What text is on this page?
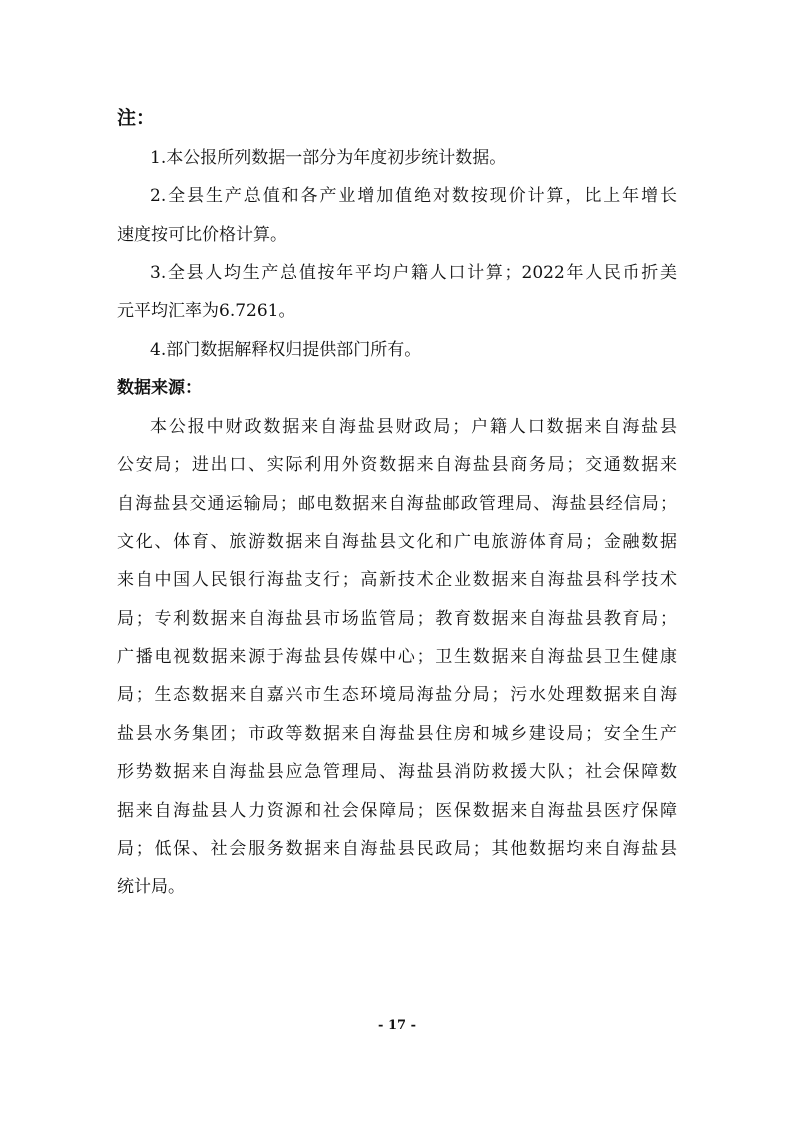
注：
1.本公报所列数据一部分为年度初步统计数据。
2.全县生产总值和各产业增加值绝对数按现价计算，比上年增长
速度按可比价格计算。
3.全县人均生产总值按年平均户籍人口计算；2022年人民币折美
元平均汇率为6.7261。
4.部门数据解释权归提供部门所有。
数据来源：
本公报中财政数据来自海盐县财政局；户籍人口数据来自海盐县
公安局；进出口、实际利用外资数据来自海盐县商务局；交通数据来
自海盐县交通运输局；邮电数据来自海盐邮政管理局、海盐县经信局；
文化、体育、旅游数据来自海盐县文化和广电旅游体育局；金融数据
来自中国人民银行海盐支行；高新技术企业数据来自海盐县科学技术
局；专利数据来自海盐县市场监管局；教育数据来自海盐县教育局；
广播电视数据来源于海盐县传媒中心；卫生数据来自海盐县卫生健康
局；生态数据来自嘉兴市生态环境局海盐分局；污水处理数据来自海
盐县水务集团；市政等数据来自海盐县住房和城乡建设局；安全生产
形势数据来自海盐县应急管理局、海盐县消防救援大队；社会保障数
据来自海盐县人力资源和社会保障局；医保数据来自海盐县医疗保障
局；低保、社会服务数据来自海盐县民政局；其他数据均来自海盐县
统计局。
- 17 -
